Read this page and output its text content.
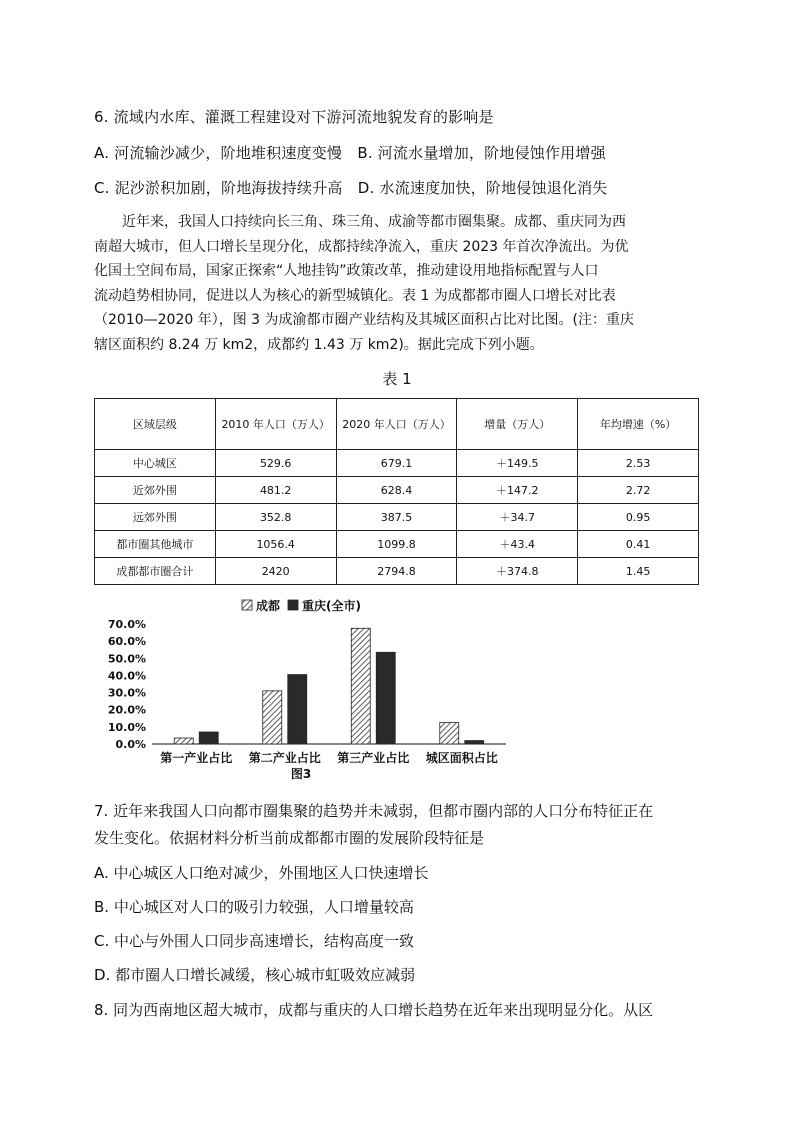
6. 流域内水库、灌溉工程建设对下游河流地貌发育的影响是
A. 河流输沙减少，阶地堆积速度变慢　B. 河流水量增加，阶地侵蚀作用增强
C. 泥沙淤积加剧，阶地海拔持续升高　D. 水流速度加快，阶地侵蚀退化消失
近年来，我国人口持续向长三角、珠三角、成渝等都市圈集聚。成都、重庆同为西
南超大城市，但人口增长呈现分化，成都持续净流入，重庆 2023 年首次净流出。为优
化国土空间布局，国家正探索“人地挂钩”政策改革，推动建设用地指标配置与人口
流动趋势相协同，促进以人为核心的新型城镇化。表 1 为成都都市圈人口增长对比表
（2010—2020 年），图 3 为成渝都市圈产业结构及其城区面积占比对比图。(注：重庆
辖区面积约 8.24 万 km2，成都约 1.43 万 km2)。据此完成下列小题。
表 1
区域层级	2010 年人口（万人）	2020 年人口（万人）	增量（万人）	年均增速（%）
中心城区	529.6	679.1	＋149.5	2.53
近郊外围	481.2	628.4	＋147.2	2.72
远郊外围	352.8	387.5	＋34.7	0.95
都市圈其他城市	1056.4	1099.8	＋43.4	0.41
成都都市圈合计	2420	2794.8	＋374.8	1.45
0.0%
10.0%
20.0%
30.0%
40.0%
50.0%
60.0%
70.0%
第一产业占比 第二产业占比 第三产业占比 城区面积占比
成都 重庆(全市)
图3
7. 近年来我国人口向都市圈集聚的趋势并未减弱，但都市圈内部的人口分布特征正在
发生变化。依据材料分析当前成都都市圈的发展阶段特征是
A. 中心城区人口绝对减少，外围地区人口快速增长
B. 中心城区对人口的吸引力较强，人口增量较高
C. 中心与外围人口同步高速增长，结构高度一致
D. 都市圈人口增长减缓，核心城市虹吸效应减弱
8. 同为西南地区超大城市，成都与重庆的人口增长趋势在近年来出现明显分化。从区
